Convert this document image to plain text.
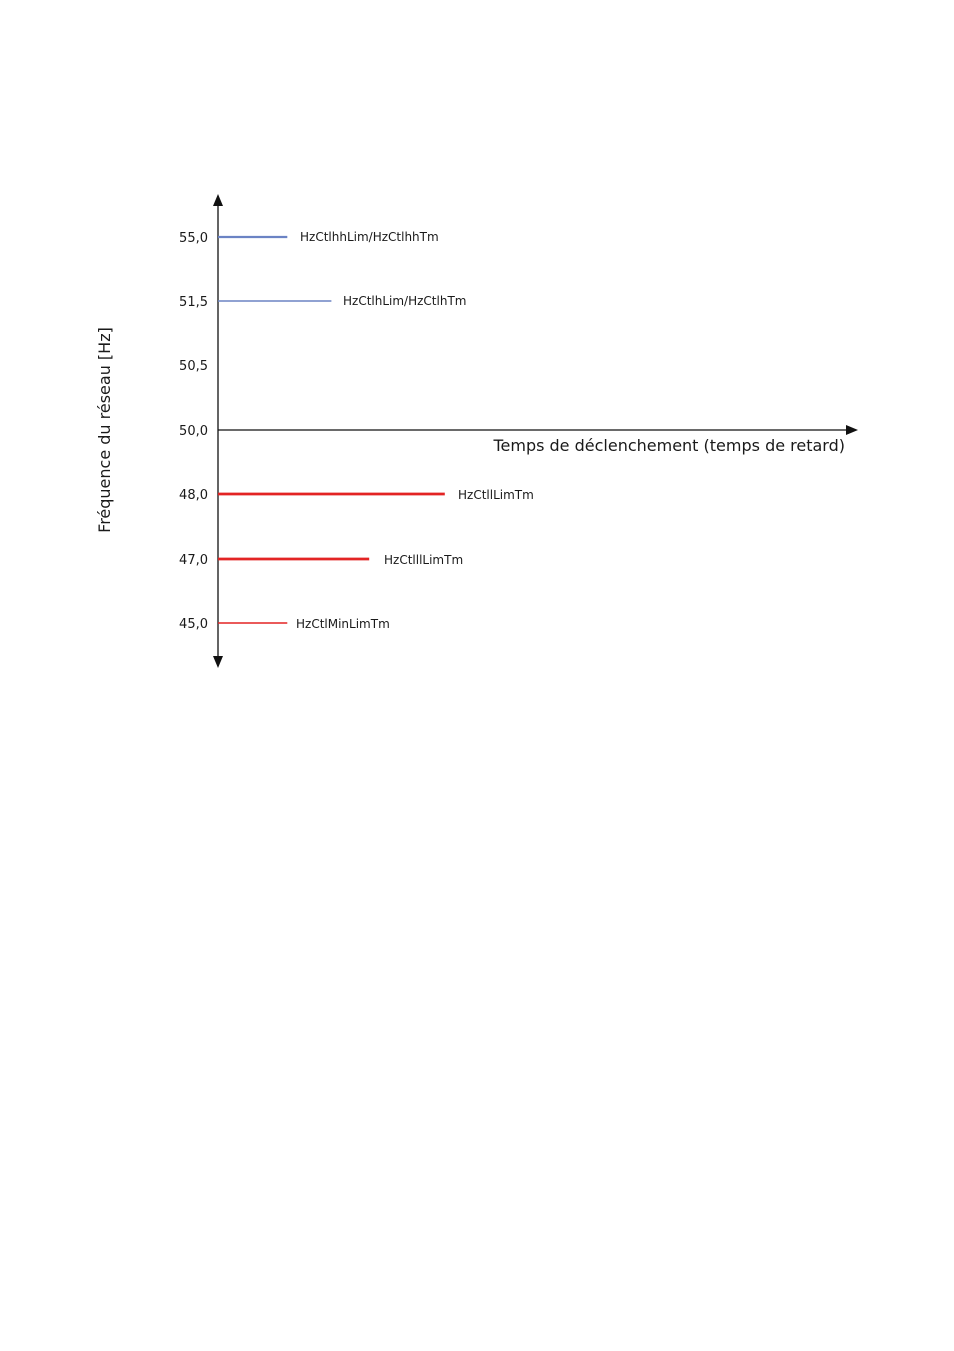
Fréquence du réseau [Hz]	Temps de déclenchement (temps de retard)
55,0
51,5
50,5
50,0
48,0
47,0
45,0
HzCtlhhLim/HzCtlhhTm
HzCtlhLim/HzCtlhTm
HzCtllLimTm
HzCtlllLimTm
HzCtlMinLimTm
